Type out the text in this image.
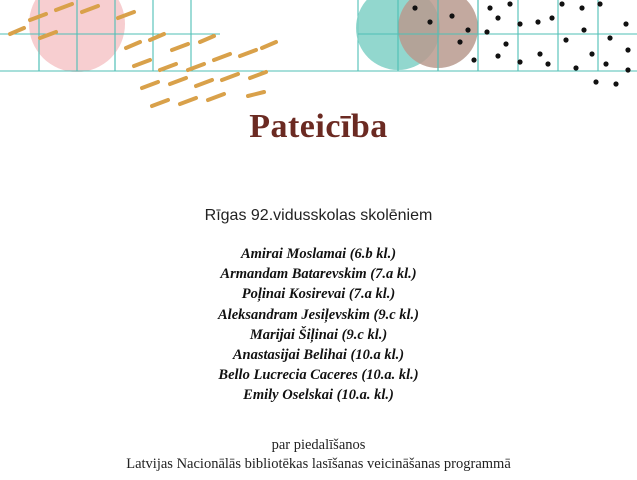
Pateicība
Rīgas 92.vidusskolas skolēniem
Amirai Moslamai (6.b kl.)
Armandam Batarevskim (7.a kl.)
Poļinai Kosirevai (7.a kl.)
Aleksandram Jesiļevskim (9.c kl.)
Marijai Šiļinai (9.c kl.)
Anastasijai Belihai (10.a kl.)
Bello Lucrecia Caceres (10.a. kl.)
Emily Oselskai (10.a. kl.)
par piedalīšanos
Latvijas Nacionālās bibliotēkas lasīšanas veicināšanas programmā
